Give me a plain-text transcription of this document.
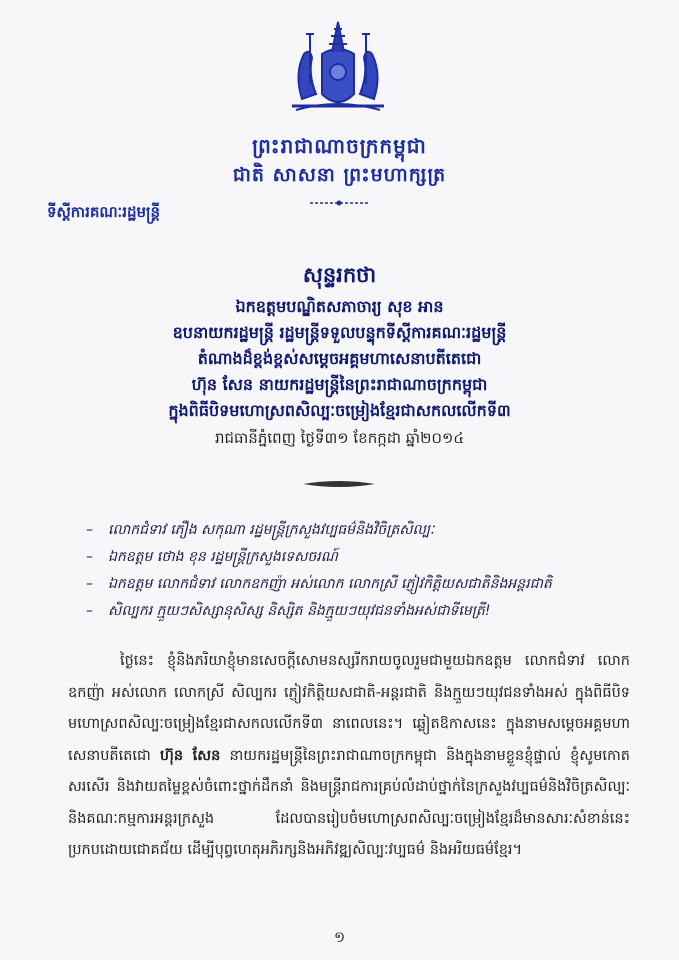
ព្រះរាជាណាចក្រកម្ពុជា
ជាតិ សាសនា ព្រះមហាក្សត្រ
ទីស្តីការគណៈរដ្ឋមន្ត្រី
សុន្ទរកថា
ឯកឧត្តមបណ្ឌិតសភាចារ្យ សុខ អាន
ឧបនាយករដ្ឋមន្ត្រី រដ្ឋមន្ត្រីទទួលបន្ទុកទីស្តីការគណៈរដ្ឋមន្ត្រី
តំណាងដ៏ខ្ពង់ខ្ពស់សម្តេចអគ្គមហាសេនាបតីតេជោ
ហ៊ុន សែន នាយករដ្ឋមន្ត្រីនៃព្រះរាជាណាចក្រកម្ពុជា
ក្នុងពិធីបិទមហោស្រពសិល្បៈចម្រៀងខ្មែរជាសកលលើកទី៣
រាជធានីភ្នំពេញ ថ្ងៃទី៣១ ខែកក្កដា ឆ្នាំ២០១៤
– លោកជំទាវ ភឿង សកុណា រដ្ឋមន្ត្រីក្រសួងវប្បធម៌និងវិចិត្រសិល្បៈ
– ឯកឧត្តម ថោង ខុន រដ្ឋមន្ត្រីក្រសួងទេសចរណ៍
– ឯកឧត្តម លោកជំទាវ លោកឧកញ៉ា អស់លោក លោកស្រី ភ្ញៀវកិត្តិយសជាតិនិងអន្តរជាតិ
– សិល្បករ ក្មួយៗសិស្សានុសិស្ស និស្សិត និងក្មួយៗយុវជនទាំងអស់ជាទីមេត្រី!

ថ្ងៃនេះ ខ្ញុំនិងភរិយាខ្ញុំមានសេចក្តីសោមនស្សរីករាយចូលរួមជាមួយឯកឧត្តម លោកជំទាវ លោកឧកញ៉ា អស់លោក លោកស្រី សិល្បករ ភ្ញៀវកិត្តិយសជាតិ-អន្តរជាតិ និងក្មួយៗយុវជនទាំងអស់ ក្នុងពិធីបិទមហោស្រពសិល្បៈចម្រៀងខ្មែរជាសកលលើកទី៣ នាពេលនេះ។ ឆ្លៀតឱកាសនេះ ក្នុងនាមសម្តេចអគ្គមហាសេនាបតីតេជោ ហ៊ុន សែន នាយករដ្ឋមន្ត្រីនៃព្រះរាជាណាចក្រកម្ពុជា និងក្នុងនាមខ្លួនខ្ញុំផ្ទាល់ ខ្ញុំសូមកោតសរសើរ និងវាយតម្លៃខ្ពស់ចំពោះថ្នាក់ដឹកនាំ និងមន្ត្រីរាជការគ្រប់លំដាប់ថ្នាក់នៃក្រសួងវប្បធម៌និងវិចិត្រសិល្បៈ និងគណៈកម្មការអន្តរក្រសួង ដែលបានរៀបចំមហោស្រពសិល្បៈចម្រៀងខ្មែរដ៏មានសារៈសំខាន់នេះប្រកបដោយជោគជ័យ ដើម្បីបុព្វហេតុអភិរក្សនិងអភិវឌ្ឍសិល្បៈវប្បធម៌ និងអរិយធម៌ខ្មែរ។

១
